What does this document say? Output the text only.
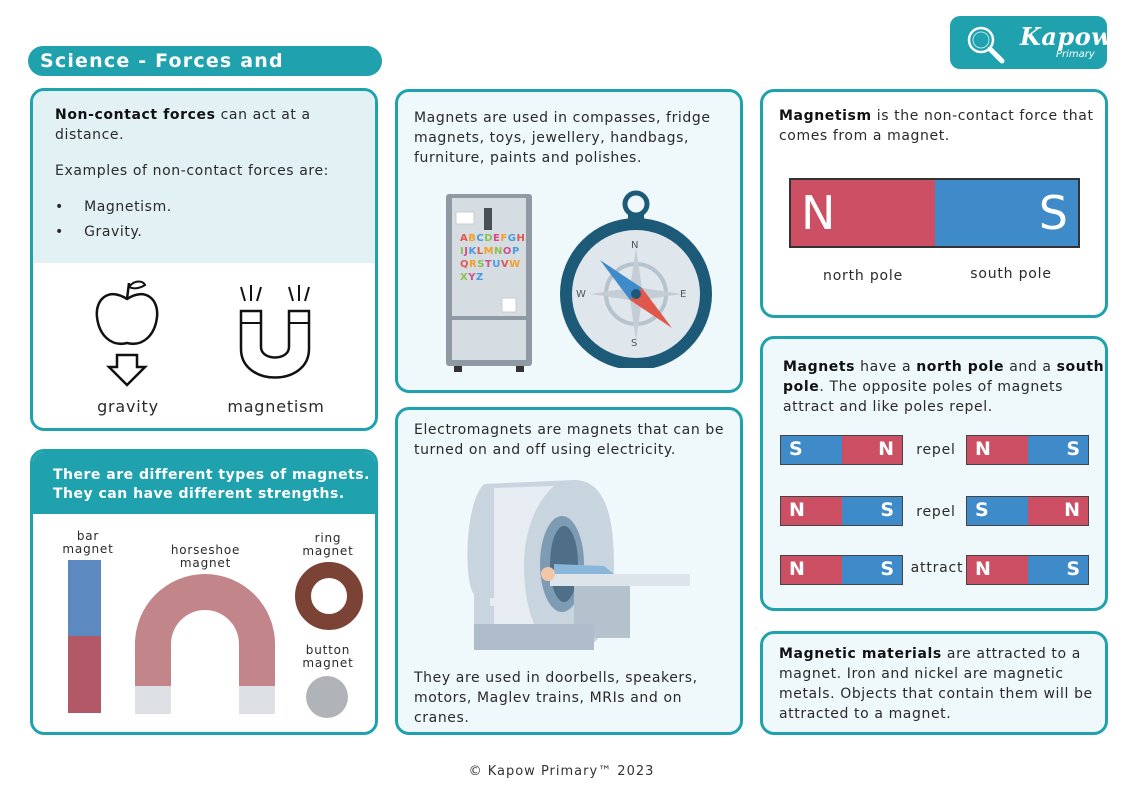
Science - Forces and
Kapow
Primary
Non-contact forces can act at a distance.
Examples of non-contact forces are:
•    Magnetism.
•    Gravity.
gravity	magnetism
There are different types of magnets. They can have different strengths.
bar magnet	horseshoe magnet
ring magnet
button magnet
Magnets are used in compasses, fridge magnets, toys, jewellery, handbags, furniture, paints and polishes.
ABCDEFGHIJKLMNOPQRSTUVWXYZ
N
E
S
W
Electromagnets are magnets that can be turned on and off using electricity.
They are used in doorbells, speakers, motors, Maglev trains, MRIs and on cranes.
Magnetism is the non-contact force that comes from a magnet.
N	S
north pole	south pole
Magnets have a north pole and a south pole. The opposite poles of magnets attract and like poles repel.
S	N	repel	N	S
N	S	repel	S	N
N	S	attract N	S
Magnetic materials are attracted to a magnet. Iron and nickel are magnetic metals. Objects that contain them will be attracted to a magnet.
© Kapow Primary™ 2023
